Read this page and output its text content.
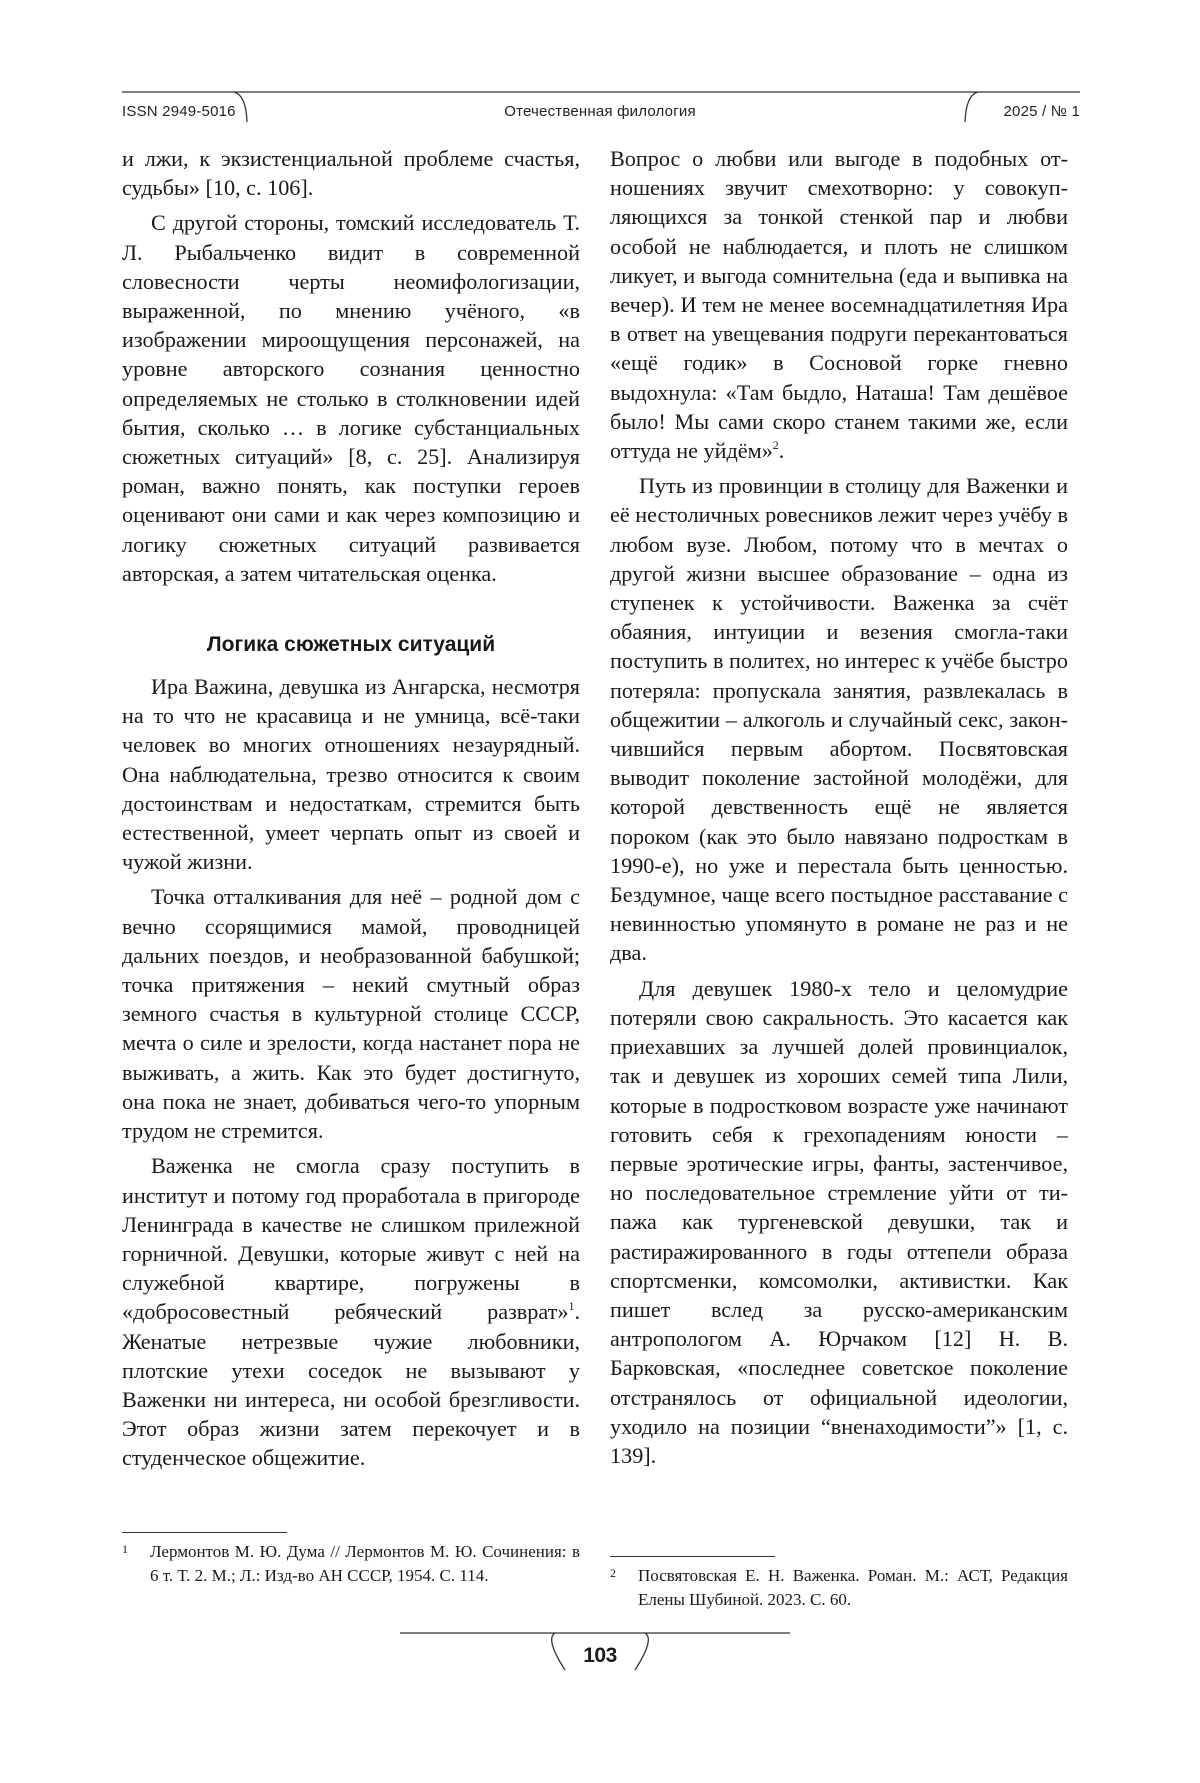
ISSN 2949-5016	Отечественная филология	2025 / № 1

и лжи, к экзистенциальной проблеме счастья, судьбы» [10, с. 106].

С другой стороны, томский исследователь Т. Л. Рыбальченко видит в современной словесности черты неомифологизации, выраженной, по мнению учёного, «в изображении мироощущения персонажей, на уровне авторского сознания ценностно определяемых не столько в столкновении идей бытия, сколько … в логике субстанциальных сюжетных ситуаций» [8, с. 25]. Анализируя роман, важно понять, как поступки героев оценивают они сами и как через композицию и логику сюжетных ситуаций развивается авторская, а затем читательская оценка.

Логика сюжетных ситуаций

Ира Важина, девушка из Ангарска, несмотря на то что не красавица и не умница, всё-таки человек во многих отношениях незаурядный. Она наблюдательна, трезво относится к своим достоинствам и недостаткам, стремится быть естественной, умеет черпать опыт из своей и чужой жизни.

Точка отталкивания для неё – родной дом с вечно ссорящимися мамой, проводницей дальних поездов, и необразованной бабушкой; точка притяжения – некий смутный образ земного счастья в культурной столице СССР, мечта о силе и зрелости, когда настанет пора не выживать, а жить. Как это будет достигнуто, она пока не знает, добиваться чего-то упорным трудом не стремится.

Важенка не смогла сразу поступить в институт и потому год проработала в пригороде Ленинграда в качестве не слишком прилежной горничной. Девушки, которые живут с ней на служебной квартире, погружены в «добросовестный ребяческий разврат»$^1$. Женатые нетрезвые чужие любовники, плотские утехи соседок не вызывают у Важенки ни интереса, ни особой брезгливости. Этот образ жизни затем перекочует и в студенческое общежитие.

Вопрос о любви или выгоде в подобных отношениях звучит смехотворно: у совокупляющихся за тонкой стенкой пар и любви особой не наблюдается, и плоть не слишком ликует, и выгода сомнительна (еда и выпивка на вечер). И тем не менее восемнадцатилетняя Ира в ответ на увещевания подруги перекантоваться «ещё годик» в Сосновой горке гневно выдохнула: «Там быдло, Наташа! Там дешёвое было! Мы сами скоро станем такими же, если оттуда не уйдём»$^2$.

Путь из провинции в столицу для Важенки и её нестоличных ровесников лежит через учёбу в любом вузе. Любом, потому что в мечтах о другой жизни высшее образование – одна из ступенек к устойчивости. Важенка за счёт обаяния, интуиции и везения смогла-таки поступить в политех, но интерес к учёбе быстро потеряла: пропускала занятия, развлекалась в общежитии – алкоголь и случайный секс, закончившийся первым абортом. Посвятовская выводит поколение застойной молодёжи, для которой девственность ещё не является пороком (как это было навязано подросткам в 1990-е), но уже и перестала быть ценностью. Бездумное, чаще всего постыдное расставание с невинностью упомянуто в романе не раз и не два.

Для девушек 1980-х тело и целомудрие потеряли свою сакральность. Это касается как приехавших за лучшей долей провинциалок, так и девушек из хороших семей типа Лили, которые в подростковом возрасте уже начинают готовить себя к грехопадениям юности – первые эротические игры, фанты, застенчивое, но последовательное стремление уйти от типажа как тургеневской девушки, так и растиражированного в годы оттепели образа спортсменки, комсомолки, активистки. Как пишет вслед за русско-американским антропологом А. Юрчаком [12] Н. В. Барковская, «последнее советское поколение отстранялось от официальной идеологии, уходило на позиции “вненаходимости”» [1, с. 139].

1	Лермонтов М. Ю. Дума // Лермонтов М. Ю. Сочинения: в 6 т. Т. 2. М.; Л.: Изд-во АН СССР, 1954. С. 114.	2	Посвятовская Е. Н. Важенка. Роман. М.: АСТ, Редакция Елены Шубиной. 2023. С. 60.
103
